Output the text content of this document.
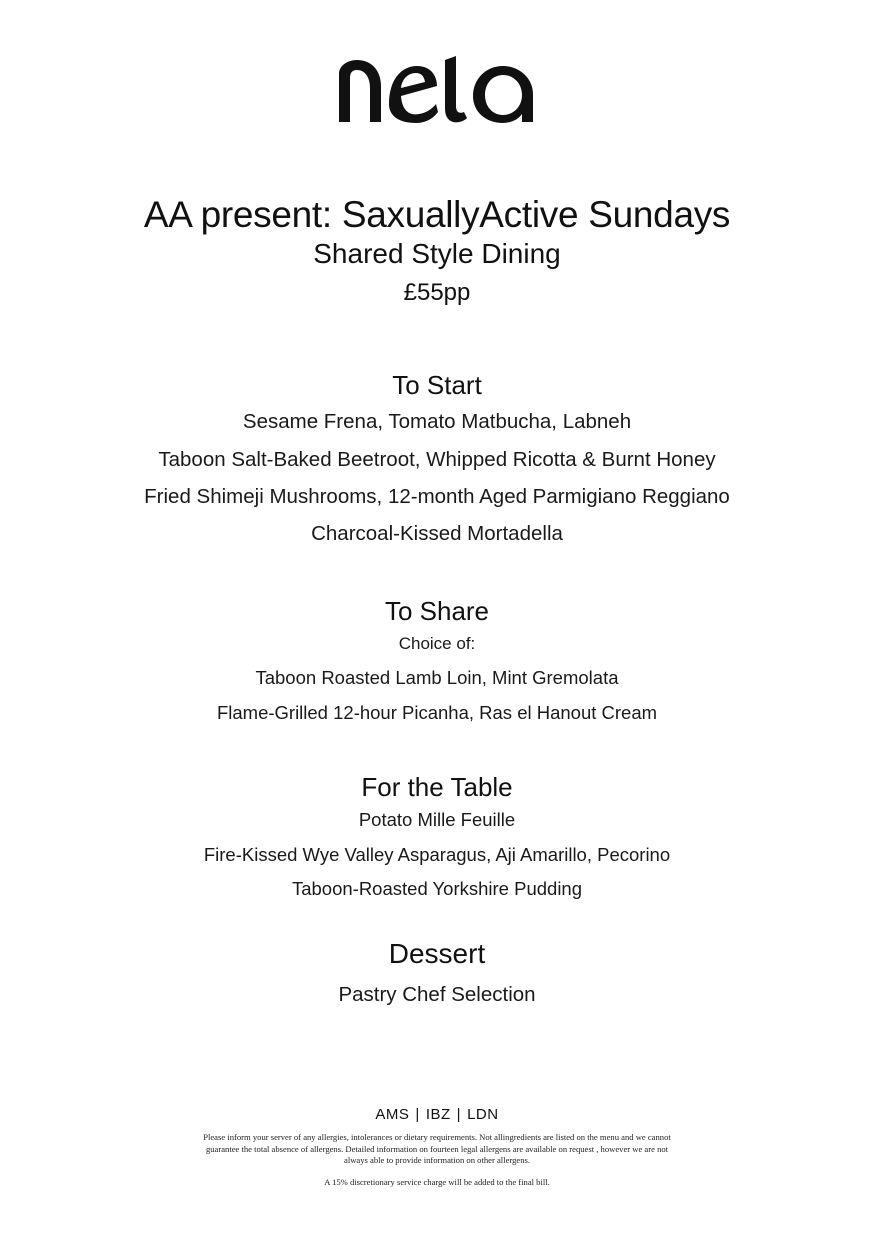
AA present: SaxuallyActive Sundays
Shared Style Dining
£55pp
To Start
Sesame Frena, Tomato Matbucha, Labneh
Taboon Salt-Baked Beetroot, Whipped Ricotta & Burnt Honey
Fried Shimeji Mushrooms, 12-month Aged Parmigiano Reggiano
Charcoal-Kissed Mortadella
To Share
Choice of:
Taboon Roasted Lamb Loin, Mint Gremolata
Flame-Grilled 12-hour Picanha, Ras el Hanout Cream
For the Table
Potato Mille Feuille
Fire-Kissed Wye Valley Asparagus, Aji Amarillo, Pecorino
Taboon-Roasted Yorkshire Pudding
Dessert
Pastry Chef Selection
AMS | IBZ | LDN
Please inform your server of any allergies, intolerances or dietary requirements. Not allingredients are listed on the menu and we cannot
guarantee the total absence of allergens. Detailed information on fourteen legal allergens are available on request , however we are not
always able to provide information on other allergens.
A 15% discretionary service charge will be added to the final bill.
